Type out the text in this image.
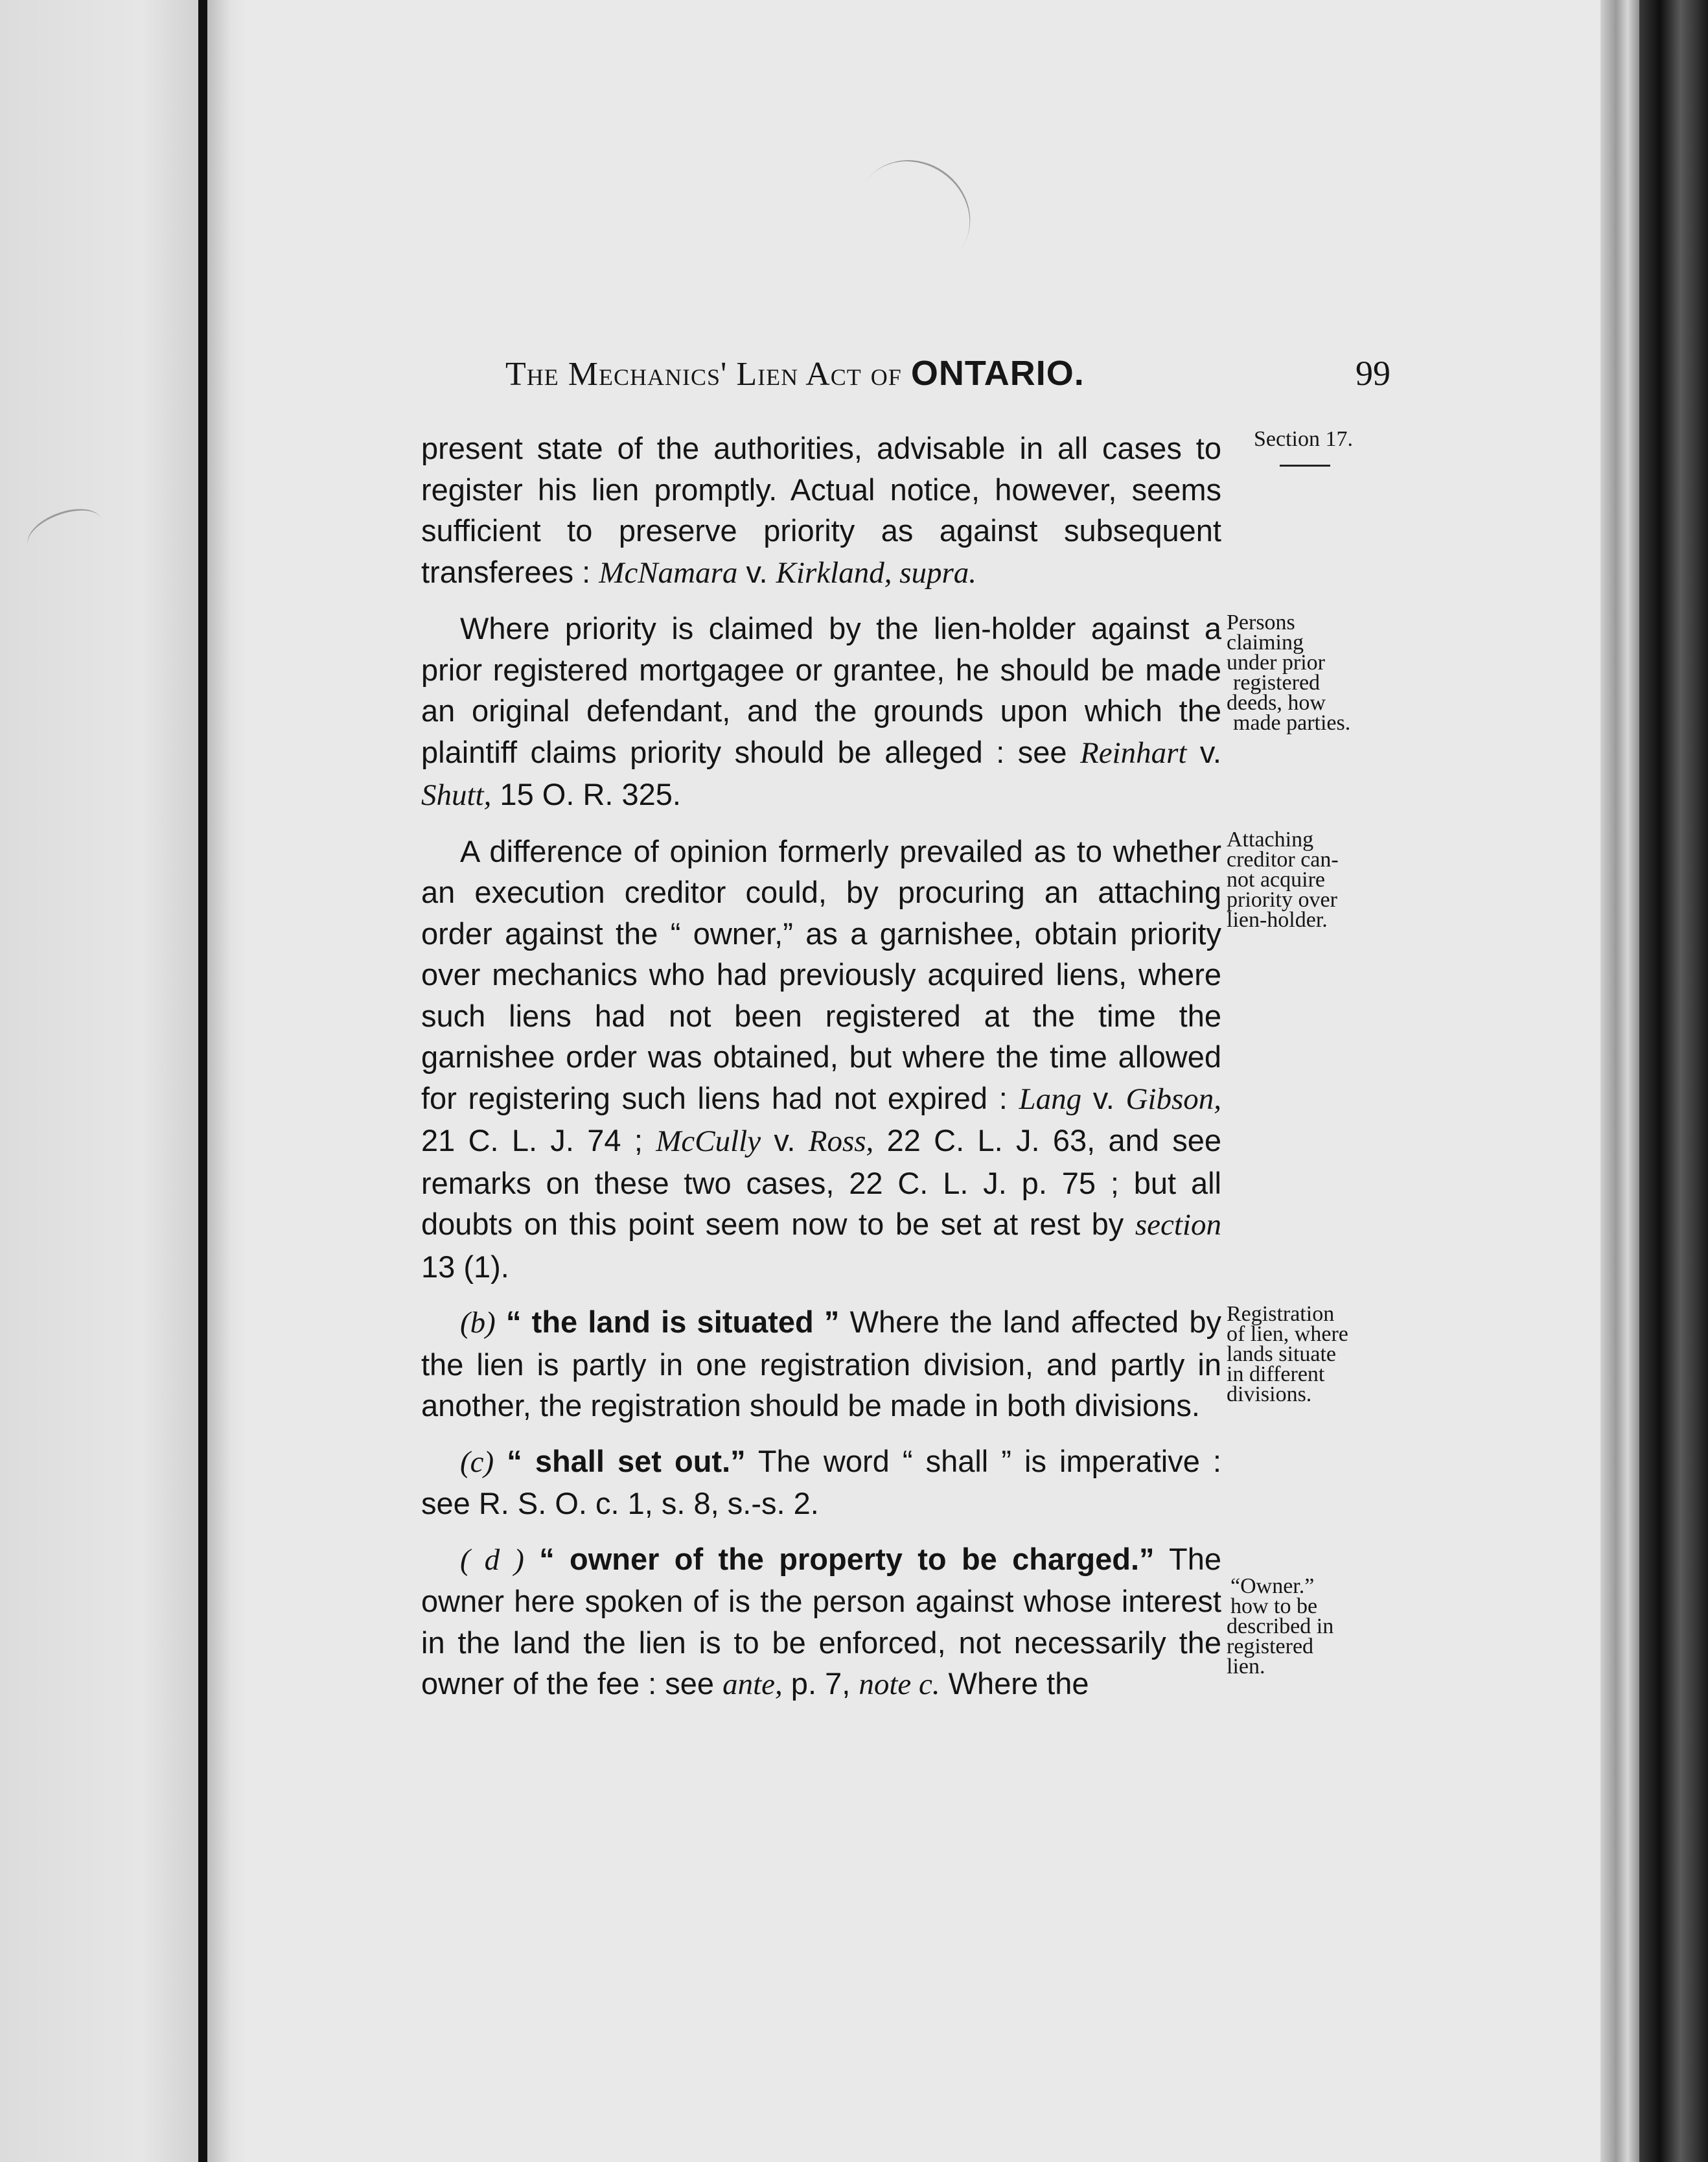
The Mechanics' Lien Act of ONTARIO.	99

present state of the authorities, advisable in all cases to register his lien promptly. Actual notice, however, seems sufficient to preserve priority as against subsequent transferees : McNamara v. Kirkland, supra.

Where priority is claimed by the lien-holder against a prior registered mortgagee or grantee, he should be made an original defendant, and the grounds upon which the plaintiff claims priority should be alleged : see Reinhart v. Shutt, 15 O. R. 325.

A difference of opinion formerly prevailed as to whether an execution creditor could, by procuring an attaching order against the “ owner,” as a garnishee, obtain priority over mechanics who had previously acquired liens, where such liens had not been registered at the time the garnishee order was obtained, but where the time allowed for registering such liens had not expired : Lang v. Gibson, 21 C. L. J. 74 ; McCully v. Ross, 22 C. L. J. 63, and see remarks on these two cases, 22 C. L. J. p. 75 ; but all doubts on this point seem now to be set at rest by section 13 (1).

(b) “ the land is situated ” Where the land affected by the lien is partly in one registration division, and partly in another, the registration should be made in both divisions.

(c) “ shall set out.” The word “ shall ” is imperative : see R. S. O. c. 1, s. 8, s.-s. 2.

( d ) “ owner of the property to be charged.” The owner here spoken of is the person against whose interest in the land the lien is to be enforced, not necessarily the owner of the fee : see ante, p. 7, note c. Where the

Section 17.
Persons
claiming
under prior
registered
deeds, how
made parties.
Attaching
creditor can-
not acquire
priority over
lien-holder.
Registration
of lien, where
lands situate
in different
divisions.
“Owner.”
how to be
described in
registered
lien.
